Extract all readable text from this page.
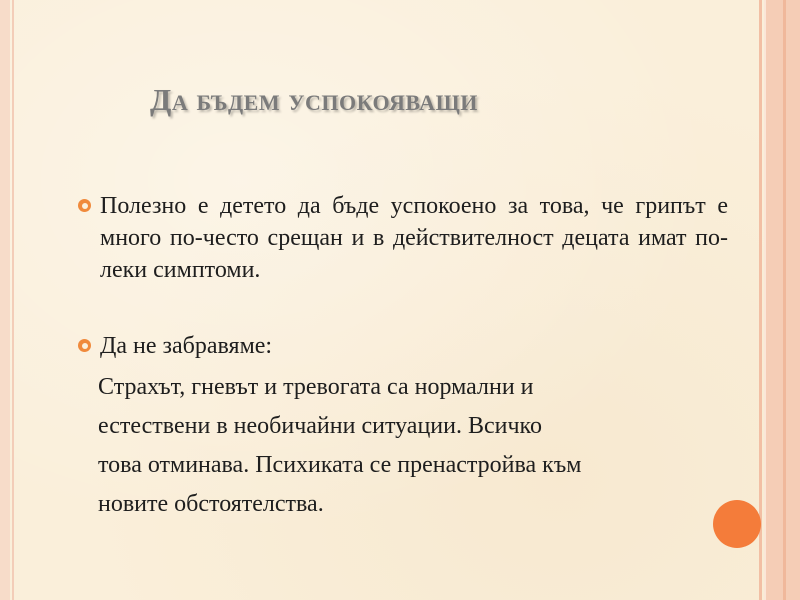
Да бъдем успокояващи

Полезно е детето да бъде успокоено за това, че грипът е много по-често срещан и в действителност децата имат по-леки симптоми.

Да не забравяме:

Страхът, гневът и тревогата са нормални и
естествени в необичайни ситуации. Всичко
това отминава. Психиката се пренастройва към
новите обстоятелства.
